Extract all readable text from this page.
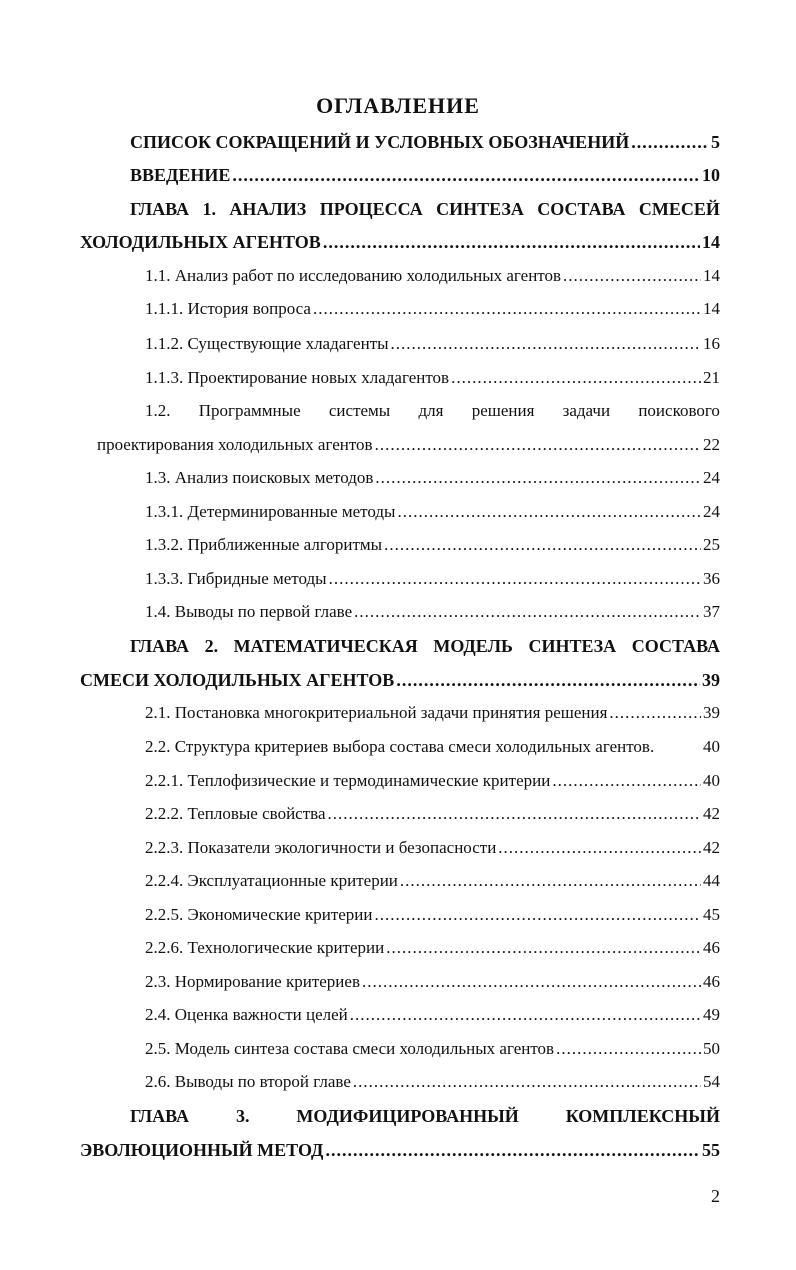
ОГЛАВЛЕНИЕ
СПИСОК СОКРАЩЕНИЙ И УСЛОВНЫХ ОБОЗНАЧЕНИЙ .....	5
ВВЕДЕНИЕ .....	10
ГЛАВА 1. АНАЛИЗ ПРОЦЕССА СИНТЕЗА СОСТАВА СМЕСЕЙ
ХОЛОДИЛЬНЫХ АГЕНТОВ .....	14
1.1. Анализ работ по исследованию холодильных агентов .....	14
1.1.1. История вопроса .....	14
1.1.2. Существующие хладагенты .....	16
1.1.3. Проектирование новых хладагентов .....	21
1.2. Программные системы для решения задачи поискового
проектирования холодильных агентов .....	22
1.3. Анализ поисковых методов .....	24
1.3.1. Детерминированные методы .....	24
1.3.2. Приближенные алгоритмы .....	25
1.3.3. Гибридные методы .....	36
1.4. Выводы по первой главе .....	37
ГЛАВА 2. МАТЕМАТИЧЕСКАЯ МОДЕЛЬ СИНТЕЗА СОСТАВА
СМЕСИ ХОЛОДИЛЬНЫХ АГЕНТОВ .....	39
2.1. Постановка многокритериальной задачи принятия решения .....	39
2.2. Структура критериев выбора состава смеси холодильных агентов.	40
2.2.1. Теплофизические и термодинамические критерии .....	40
2.2.2. Тепловые свойства .....	42
2.2.3. Показатели экологичности и безопасности .....	42
2.2.4. Эксплуатационные критерии .....	44
2.2.5. Экономические критерии .....	45
2.2.6. Технологические критерии .....	46
2.3. Нормирование критериев .....	46
2.4. Оценка важности целей .....	49
2.5. Модель синтеза состава смеси холодильных агентов .....	50
2.6. Выводы по второй главе .....	54
ГЛАВА	3.	МОДИФИЦИРОВАННЫЙ	КОМПЛЕКСНЫЙ
ЭВОЛЮЦИОННЫЙ МЕТОД .....	55
2
